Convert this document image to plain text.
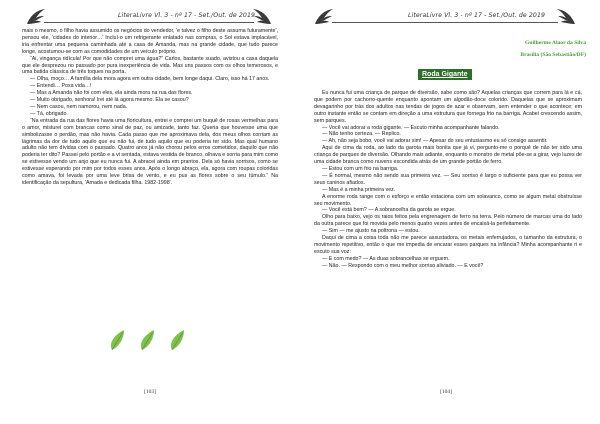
LiteraLivre Vl. 3 - nº 17 - Set./Out. de 2019

mais o mesmo, o filho havia assumido os negócios do vendedor, 'e talvez o filho deste assuma futuramente', pensou ele, 'cidades do interior…' Incluí-o um refrigerante enlatado nas compras, o Sol estava implacável, iria enfrentar uma pequena caminhada até a casa de Amanda, mas na grande cidade, que tudo parece longe, acostumou-se com as comodidades de um veículo próprio.

“Ai, vingança ridícula! Por que não comprei uma água?” Carlos, bastante suado, avistou a casa daquela que ele desprezou no passado por pura inexperiência de vida. Mas uns passos com os olhos temerosos, e uma batida clássica de três toques na porta.

— Olha, moço… A família dela mora agora em outra cidade, bem longe daqui. Claro, isso há 17 anos.

— Entendi… Poxa vida…!

— Mas a Amanda não foi com eles, ela ainda mora na rua das flores.

— Muito obrigado, senhora! Irei até lá agora mesmo. Ela se casou?

— Nem casou, nem namorou, nem nada.

— Tá, obrigado.

“Na entrada da rua das flores havia uma floricultura, entrei e comprei um buquê de rosas vermelhas para o amor, misturei com brancas como sinal de paz, ou amizade, tanto faz. Queria que houvesse uma que simbolizasse o perdão, mas não havia. Cada passo que me aproximava dela, dos meus olhos corriam as lágrimas da dor de tudo aquilo que eu não fui, de tudo aquilo que eu poderia ter sido. Mas qual humano adulto não tem dívidas com o passado. Quatro anos já não chorou pelos erros cometidos, daquilo que não poderia ter dito? Passei pelo portão e a vi sentada, estava vestida de branco, olhava e sorria para mim como se estivesse vendo um anjo que eu nunca fui. A abracei ainda em prantos. Dela só havia sorrisos, como se estivesse esperando por mim por todos esses anos. Após o longo abraço, ela, agora com roupas coloridas como amava, foi levada por uma leve brisa de vento, e eu pus as flores sobre o seu túmulo.” Na identificação da sepultura, 'Amada e dedicada filha. 1982-1998'.

[103]
LiteraLivre Vl. 3 - nº 17 - Set./Out. de 2019
Guilherme Alaor da Silva
Brasília (São Sebastião/DF)
Roda Gigante

Eu nunca fui uma criança de parque de diversão, sabe como são? Aquelas crianças que correm para lá e cá, que podem por cachorro-quente enquanto apontam um algodão-doce colorido. Daquelas que se aproximam devagarinho por trás dos adultos nas tendas de jogos de azar e observam, sem entender o que acontece; em outro instante então se contam em direção a uma estrutura que fornega frio na barriga. Acabei crescendo assim, sem parques.

— Você vai adorar a roda gigante. — Escuto minha acompanhante falando.

— Não tenho certeza. — Replico.

— Ah, não seja bobo, você vai adorar sim! — Apesar do seu entusiasmo eu só consigo assentir.

Aqui de cima da roda, ao lado da garota mais bonita que já vi, pergunto-me o porquê de não ter sido uma criança de parques de diversão. Olhando mais adiante, enquanto o monstro de metal põe-se a girar, vejo luzes de uma cidade branca como nuvens escondida atrás de um grande portão de ferro.

— Estou com um frio na barriga.

— É normal, mesmo não sendo sua primeira vez. — Seu sorriso é largo o suficiente para que eu possa ver seus caninos afiados.

— Mas é a minha primeira vez.

A enorme roda range com o esforço e então estaciona com um solavanco, como se algum metal obstruísse seu movimento.

— Você está bem? — A sobrancelha da garota se ergue.

Olho para baixo, vejo os raios feitos pela engrenagem de ferro na terra. Pelo número de marcas uma do lado da outra parece que foi movida pelo menos quatro vezes antes de encaixá-la perfeitamente.

— Sim — me ajusto na poltrona — estou.

Daqui de cima a coisa toda não me parece assustadora, os metais enferrujados, o tamanho da estrutura, o movimento repetitivo, então o que me impedia de encarar esses parques na infância? Minha acompanhante ri e escuto sua voz:

— E com medo? — As duas sobrancelhas se erguem.

— Não. — Respondo com o meu melhor sorriso aliviado. — E você?

[104]
